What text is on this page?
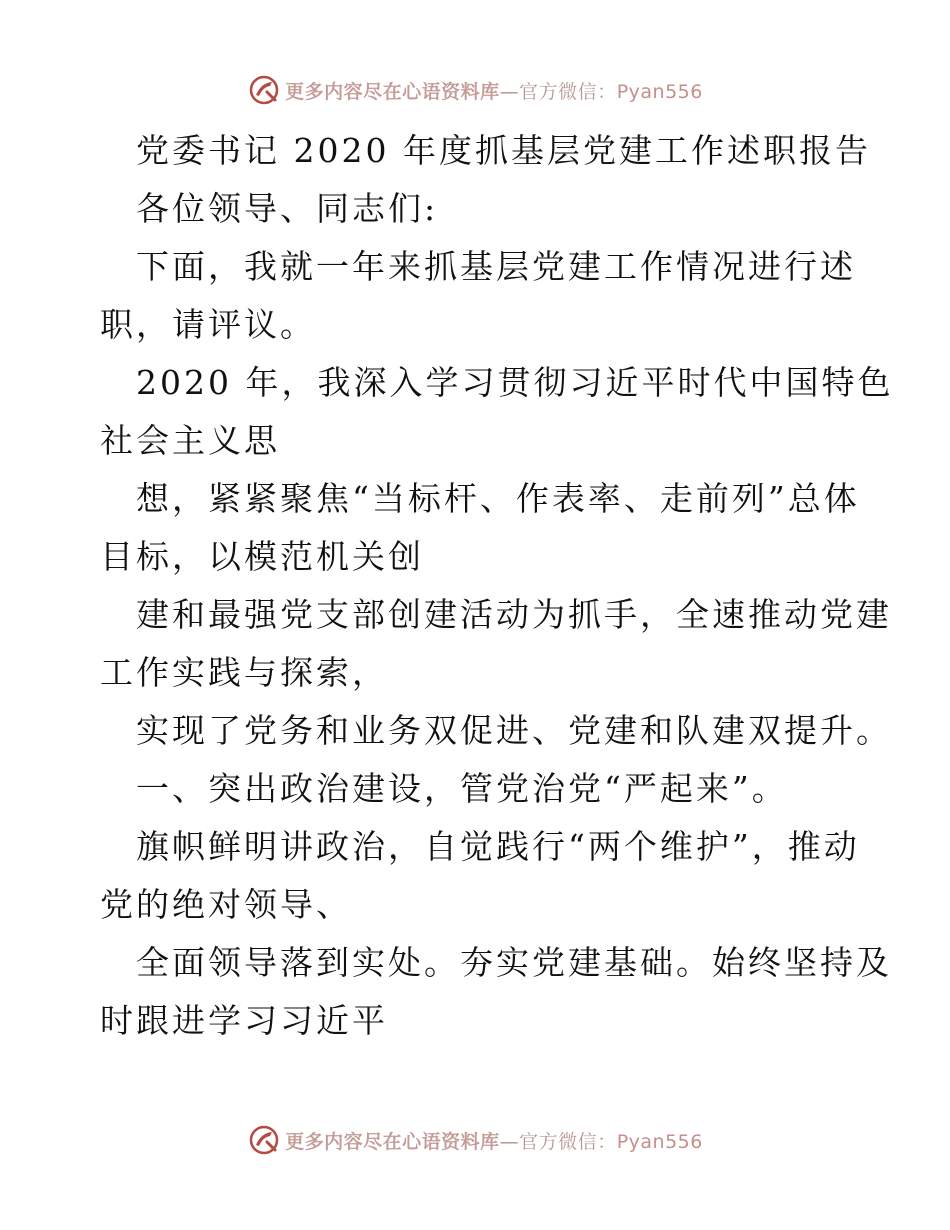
更多内容尽在心语资料库—官方微信：Pyan556
党委书记 2020 年度抓基层党建工作述职报告
各位领导、同志们:
下面，我就一年来抓基层党建工作情况进行述
职，请评议。
2020 年，我深入学习贯彻习近平时代中国特色
社会主义思
想，紧紧聚焦“当标杆、作表率、走前列”总体
目标，以模范机关创
建和最强党支部创建活动为抓手，全速推动党建
工作实践与探索，
实现了党务和业务双促进、党建和队建双提升。
一、突出政治建设，管党治党“严起来”。
旗帜鲜明讲政治，自觉践行“两个维护”，推动
党的绝对领导、
全面领导落到实处。夯实党建基础。始终坚持及
时跟进学习习近平
更多内容尽在心语资料库—官方微信：Pyan556
